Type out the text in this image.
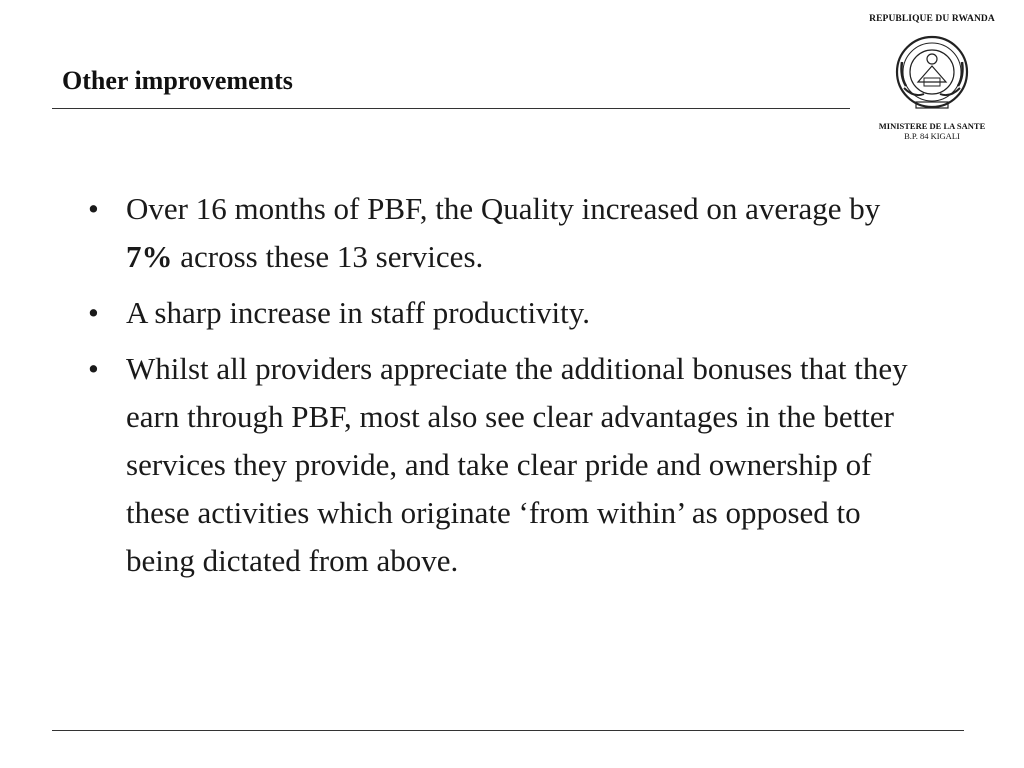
Other improvements
REPUBLIQUE DU RWANDA
MINISTERE DE LA SANTE
B.P. 84 KIGALI
• Over 16 months of PBF, the Quality increased on average by 7% across these 13 services.
• A sharp increase in staff productivity.
• Whilst all providers appreciate the additional bonuses that they earn through PBF, most also see clear advantages in the better services they provide, and take clear pride and ownership of these activities which originate ‘from within’ as opposed to being dictated from above.
